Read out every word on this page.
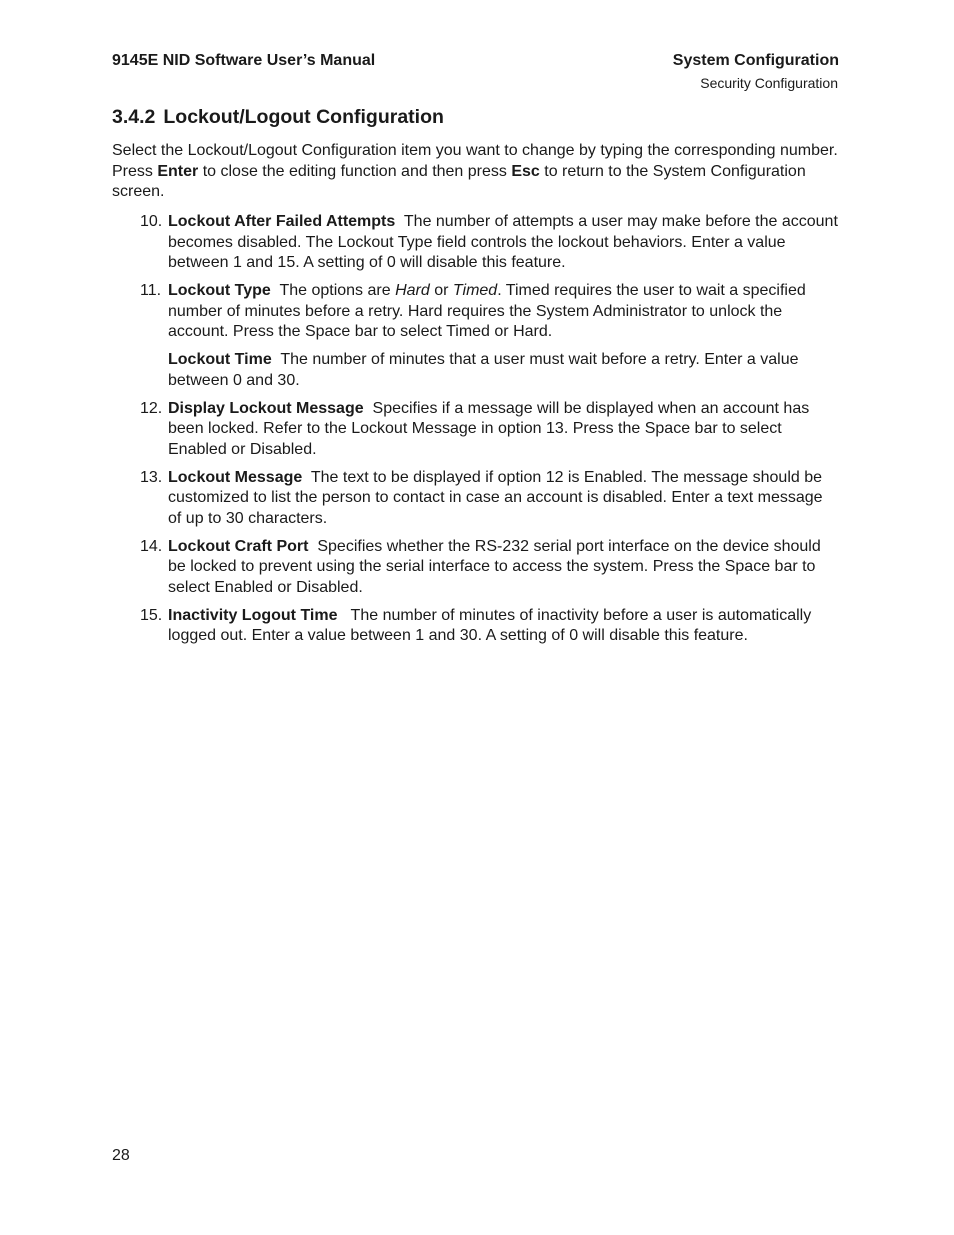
9145E NID Software User’s Manual	System Configuration
Security Configuration
3.4.2 Lockout/Logout Configuration
Select the Lockout/Logout Configuration item you want to change by typing the corresponding number. Press Enter to close the editing function and then press Esc to return to the System Configuration screen.
10. Lockout After Failed Attempts The number of attempts a user may make before the account becomes disabled. The Lockout Type field controls the lockout behaviors. Enter a value between 1 and 15. A setting of 0 will disable this feature.
11. Lockout Type The options are Hard or Timed. Timed requires the user to wait a specified number of minutes before a retry. Hard requires the System Administrator to unlock the account. Press the Space bar to select Timed or Hard.
Lockout Time The number of minutes that a user must wait before a retry. Enter a value between 0 and 30.
12. Display Lockout Message Specifies if a message will be displayed when an account has been locked. Refer to the Lockout Message in option 13. Press the Space bar to select Enabled or Disabled.
13. Lockout Message The text to be displayed if option 12 is Enabled. The message should be customized to list the person to contact in case an account is disabled. Enter a text message of up to 30 characters.
14. Lockout Craft Port Specifies whether the RS-232 serial port interface on the device should be locked to prevent using the serial interface to access the system. Press the Space bar to select Enabled or Disabled.
15. Inactivity Logout Time The number of minutes of inactivity before a user is automatically logged out. Enter a value between 1 and 30. A setting of 0 will disable this feature.
28
